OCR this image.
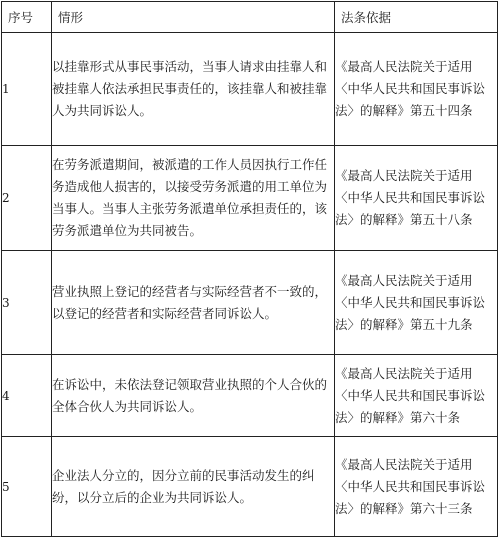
序号	情形	法条依据
1	以挂靠形式从事民事活动，当事人请求由挂靠人和被挂靠人依法承担民事责任的，该挂靠人和被挂靠人为共同诉讼人。	《最高人民法院关于适用〈中华人民共和国民事诉讼法〉的解释》第五十四条
2	在劳务派遣期间，被派遣的工作人员因执行工作任务造成他人损害的，以接受劳务派遣的用工单位为当事人。当事人主张劳务派遣单位承担责任的，该劳务派遣单位为共同被告。	《最高人民法院关于适用〈中华人民共和国民事诉讼法〉的解释》第五十八条
3	营业执照上登记的经营者与实际经营者不一致的，以登记的经营者和实际经营者同诉讼人。	《最高人民法院关于适用〈中华人民共和国民事诉讼法〉的解释》第五十九条
4	在诉讼中，未依法登记领取营业执照的个人合伙的全体合伙人为共同诉讼人。	《最高人民法院关于适用〈中华人民共和国民事诉讼法〉的解释》第六十条
5	企业法人分立的，因分立前的民事活动发生的纠纷，以分立后的企业为共同诉讼人。	《最高人民法院关于适用〈中华人民共和国民事诉讼法〉的解释》第六十三条
